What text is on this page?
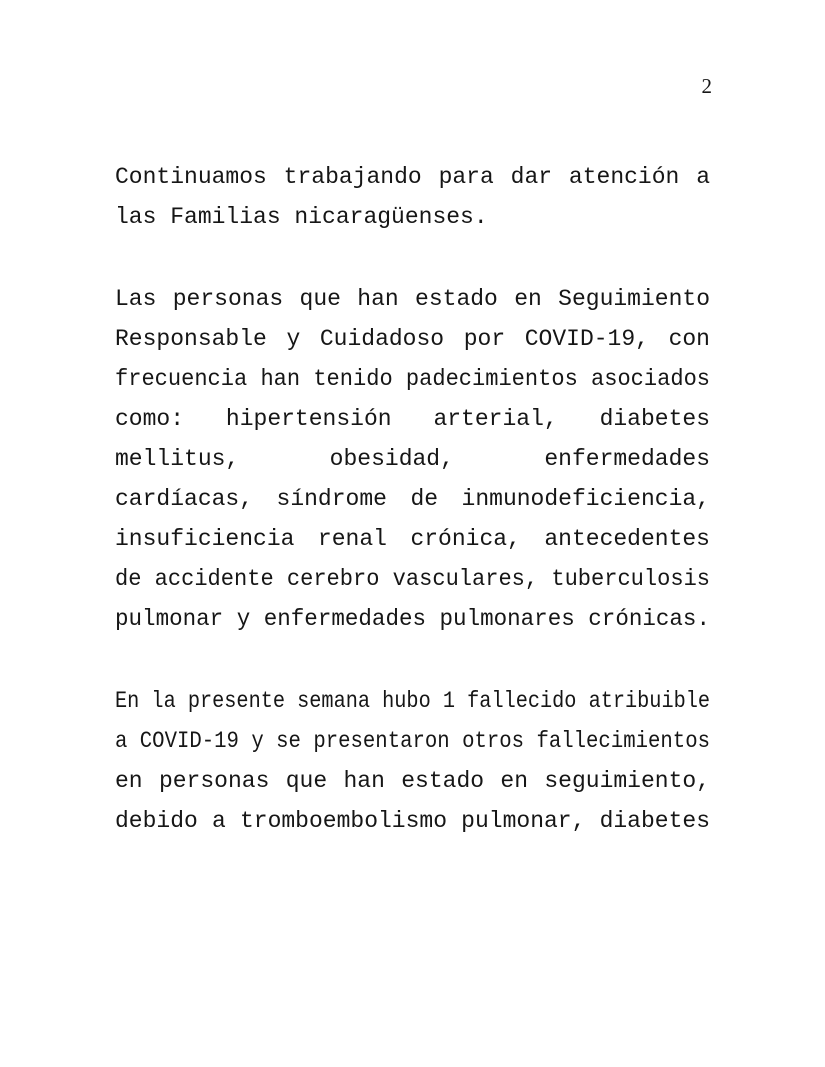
2
Continuamos trabajando para dar atención a
las Familias nicaragüenses.
Las personas que han estado en Seguimiento
Responsable y Cuidadoso por COVID-19, con
frecuencia han tenido padecimientos asociados
como: hipertensión arterial, diabetes
mellitus, obesidad, enfermedades
cardíacas, síndrome de inmunodeficiencia,
insuficiencia renal crónica, antecedentes
de accidente cerebro vasculares, tuberculosis
pulmonar y enfermedades pulmonares crónicas.
En la presente semana hubo 1 fallecido atribuible
a COVID-19 y se presentaron otros fallecimientos
en personas que han estado en seguimiento,
debido a tromboembolismo pulmonar, diabetes
